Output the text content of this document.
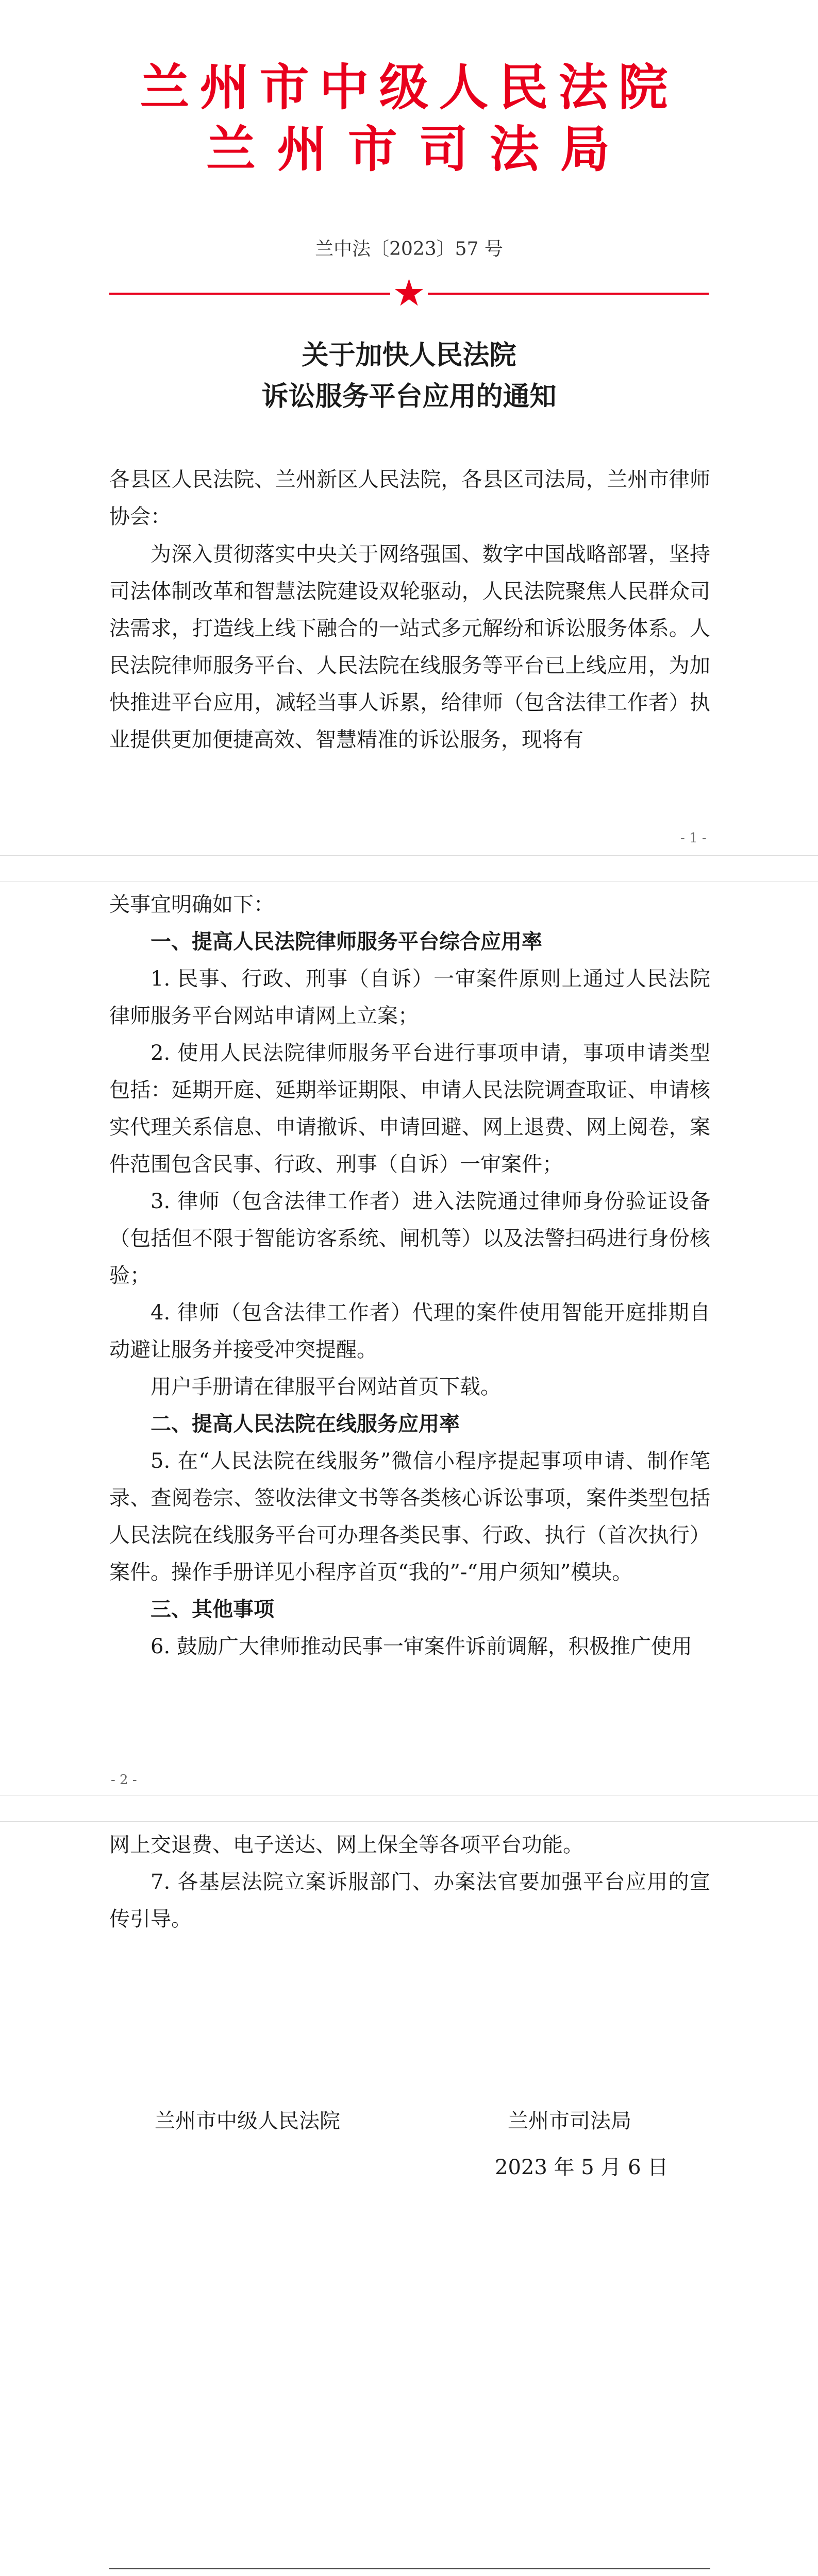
兰州市中级人民法院
兰 州 市 司 法 局
兰中法〔2023〕57 号
★
关于加快人民法院
诉讼服务平台应用的通知
各县区人民法院、兰州新区人民法院，各县区司法局，兰州市律师协会：
为深入贯彻落实中央关于网络强国、数字中国战略部署，坚持司法体制改革和智慧法院建设双轮驱动，人民法院聚焦人民群众司法需求，打造线上线下融合的一站式多元解纷和诉讼服务体系。人民法院律师服务平台、人民法院在线服务等平台已上线应用，为加快推进平台应用，减轻当事人诉累，给律师（包含法律工作者）执业提供更加便捷高效、智慧精准的诉讼服务，现将有
- 1 -
关事宜明确如下：
一、提高人民法院律师服务平台综合应用率
1. 民事、行政、刑事（自诉）一审案件原则上通过人民法院律师服务平台网站申请网上立案；
2. 使用人民法院律师服务平台进行事项申请，事项申请类型包括：延期开庭、延期举证期限、申请人民法院调查取证、申请核实代理关系信息、申请撤诉、申请回避、网上退费、网上阅卷，案件范围包含民事、行政、刑事（自诉）一审案件；
3. 律师（包含法律工作者）进入法院通过律师身份验证设备（包括但不限于智能访客系统、闸机等）以及法警扫码进行身份核验；
4. 律师（包含法律工作者）代理的案件使用智能开庭排期自动避让服务并接受冲突提醒。
用户手册请在律服平台网站首页下载。
二、提高人民法院在线服务应用率
5. 在“人民法院在线服务”微信小程序提起事项申请、制作笔录、查阅卷宗、签收法律文书等各类核心诉讼事项，案件类型包括人民法院在线服务平台可办理各类民事、行政、执行（首次执行）案件。操作手册详见小程序首页“我的”-“用户须知”模块。
三、其他事项
6. 鼓励广大律师推动民事一审案件诉前调解，积极推广使用
- 2 -
网上交退费、电子送达、网上保全等各项平台功能。
7. 各基层法院立案诉服部门、办案法官要加强平台应用的宣传引导。
兰州市中级人民法院	兰州市司法局
2023 年 5 月 6 日
